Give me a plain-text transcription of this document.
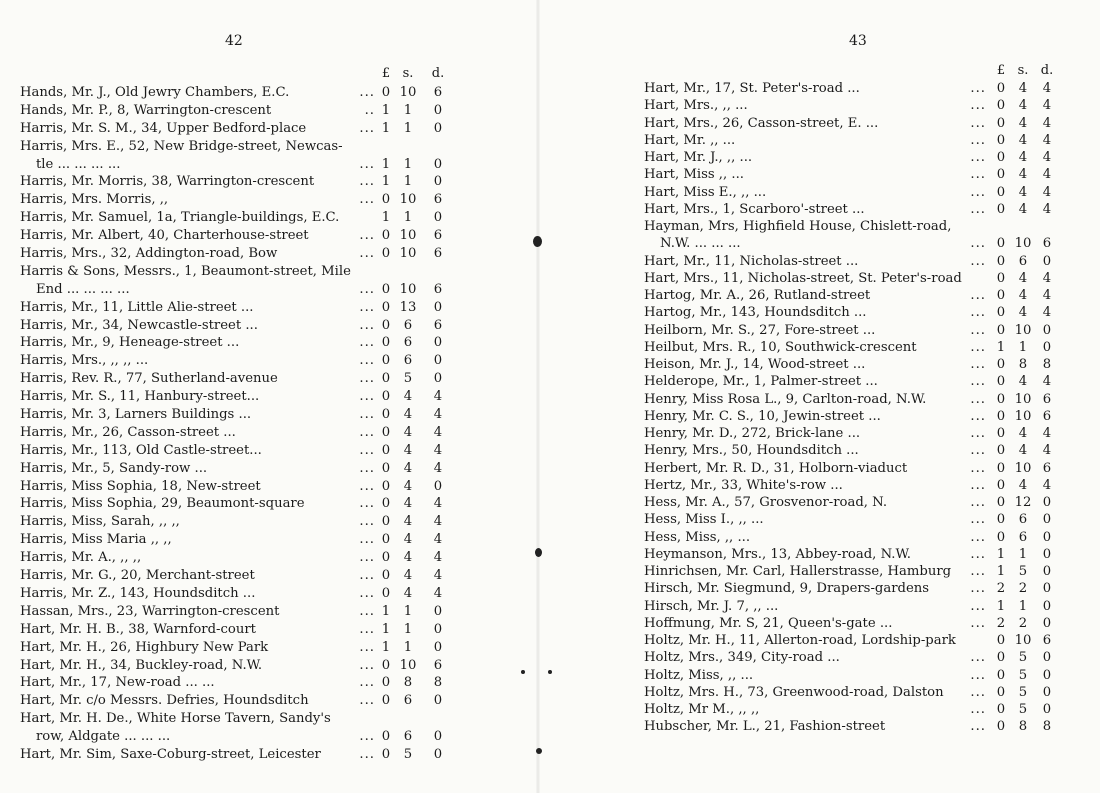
42
£ s.	d.
Hands, Mr. J., Old Jewry Chambers, E.C.	... 0 10	6
Hands, Mr. P., 8, Warrington-crescent	.. 1	1	0
Harris, Mr. S. M., 34, Upper Bedford-place	... 1	1	0
Harris, Mrs. E., 52, New Bridge-street, Newcas-
tle ... ... ... ...	... 1	1	0
Harris, Mr. Morris, 38, Warrington-crescent	... 1	1	0
Harris, Mrs. Morris, ,,	... 0 10	6
Harris, Mr. Samuel, 1a, Triangle-buildings, E.C.	1	1	0
Harris, Mr. Albert, 40, Charterhouse-street	... 0 10	6
Harris, Mrs., 32, Addington-road, Bow	... 0 10	6
Harris & Sons, Messrs., 1, Beaumont-street, Mile
End ... ... ... ...	... 0 10	6
Harris, Mr., 11, Little Alie-street ...	... 0 13	0
Harris, Mr., 34, Newcastle-street ...	... 0	6	6
Harris, Mr., 9, Heneage-street ...	... 0	6	0
Harris, Mrs., ,, ,, ...	... 0	6	0
Harris, Rev. R., 77, Sutherland-avenue	... 0	5	0
Harris, Mr. S., 11, Hanbury-street...	... 0	4	4
Harris, Mr. 3, Larners Buildings ...	... 0	4	4
Harris, Mr., 26, Casson-street ...	... 0	4	4
Harris, Mr., 113, Old Castle-street...	... 0	4	4
Harris, Mr., 5, Sandy-row ...	... 0	4	4
Harris, Miss Sophia, 18, New-street	... 0	4	0
Harris, Miss Sophia, 29, Beaumont-square	... 0	4	4
Harris, Miss, Sarah, ,, ,,	... 0	4	4
Harris, Miss Maria ,, ,,	... 0	4	4
Harris, Mr. A., ,, ,,	... 0	4	4
Harris, Mr. G., 20, Merchant-street	... 0	4	4
Harris, Mr. Z., 143, Houndsditch ...	... 0	4	4
Hassan, Mrs., 23, Warrington-crescent	... 1	1	0
Hart, Mr. H. B., 38, Warnford-court	... 1	1	0
Hart, Mr. H., 26, Highbury New Park	... 1	1	0
Hart, Mr. H., 34, Buckley-road, N.W.	... 0 10	6
Hart, Mr., 17, New-road ... ...	... 0	8	8
Hart, Mr. c/o Messrs. Defries, Houndsditch	... 0	6	0
Hart, Mr. H. De., White Horse Tavern, Sandy's
row, Aldgate ... ... ...	... 0	6	0
Hart, Mr. Sim, Saxe-Coburg-street, Leicester	... 0	5	0
43
£ s. d.
Hart, Mr., 17, St. Peter's-road ...	... 0	4	4
Hart, Mrs., ,, ...	... 0	4	4
Hart, Mrs., 26, Casson-street, E. ...	... 0	4	4
Hart, Mr. ,, ...	... 0	4	4
Hart, Mr. J., ,, ...	... 0	4	4
Hart, Miss ,, ...	... 0	4	4
Hart, Miss E., ,, ...	... 0	4	4
Hart, Mrs., 1, Scarboro'-street ...	... 0	4	4
Hayman, Mrs, Highfield House, Chislett-road,
N.W. ... ... ...	... 0 10 6
Hart, Mr., 11, Nicholas-street ...	... 0	6	0
Hart, Mrs., 11, Nicholas-street, St. Peter's-road	0	4	4
Hartog, Mr. A., 26, Rutland-street	... 0	4	4
Hartog, Mr., 143, Houndsditch ...	... 0	4	4
Heilborn, Mr. S., 27, Fore-street ...	... 0 10 0
Heilbut, Mrs. R., 10, Southwick-crescent	... 1	1	0
Heison, Mr. J., 14, Wood-street ...	... 0	8	8
Helderope, Mr., 1, Palmer-street ...	... 0	4	4
Henry, Miss Rosa L., 9, Carlton-road, N.W.	... 0 10 6
Henry, Mr. C. S., 10, Jewin-street ...	... 0 10 6
Henry, Mr. D., 272, Brick-lane ...	... 0	4	4
Henry, Mrs., 50, Houndsditch ...	... 0	4	4
Herbert, Mr. R. D., 31, Holborn-viaduct	... 0 10 6
Hertz, Mr., 33, White's-row ...	... 0	4	4
Hess, Mr. A., 57, Grosvenor-road, N.	... 0 12 0
Hess, Miss I., ,, ...	... 0	6	0
Hess, Miss, ,, ...	... 0	6	0
Heymanson, Mrs., 13, Abbey-road, N.W.	... 1	1	0
Hinrichsen, Mr. Carl, Hallerstrasse, Hamburg	... 1	5	0
Hirsch, Mr. Siegmund, 9, Drapers-gardens	... 2	2	0
Hirsch, Mr. J. 7, ,, ...	... 1	1	0
Hoffmung, Mr. S, 21, Queen's-gate ...	... 2	2	0
Holtz, Mr. H., 11, Allerton-road, Lordship-park	0 10 6
Holtz, Mrs., 349, City-road ...	... 0	5	0
Holtz, Miss, ,, ...	... 0	5	0
Holtz, Mrs. H., 73, Greenwood-road, Dalston	... 0	5	0
Holtz, Mr M., ,, ,,	... 0	5	0
Hubscher, Mr. L., 21, Fashion-street	... 0	8	8
